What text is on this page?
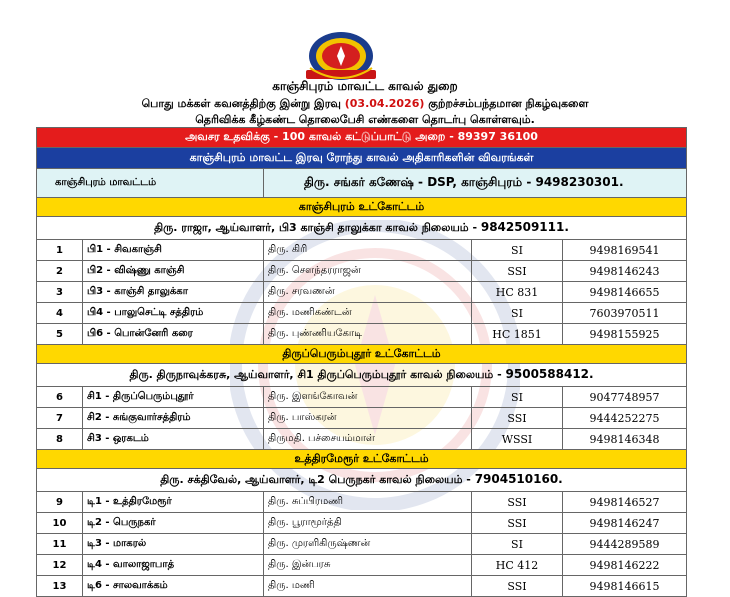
காஞ்சிபுரம் மாவட்ட காவல் துறை
பொது மக்கள் கவனத்திற்கு இன்று இரவு (03.04.2026) குற்றச்சம்பந்தமான நிகழ்வுகளை
தெரிவிக்க கீழ்கண்ட தொலைபேசி எண்களை தொடர்பு கொள்ளவும்.
அவசர உதவிக்கு - 100 காவல் கட்டுப்பாட்டு அறை - 89397 36100				
காஞ்சிபுரம் மாவட்ட இரவு ரோந்து காவல் அதிகாரிகளின் விவரங்கள்				
காஞ்சிபுரம் மாவட்டம்		திரு. சங்கர் கணேஷ் - DSP, காஞ்சிபுரம் - 9498230301.		
காஞ்சிபுரம் உட்கோட்டம்				
திரு. ராஜா, ஆய்வாளர், பி3 காஞ்சி தாலுக்கா காவல் நிலையம் - 9842509111.				
1	பி1 - சிவகாஞ்சி	திரு. கிரி	SI	9498169541
2	பி2 - விஷ்ணு காஞ்சி	திரு. செளந்தரராஜன்	SSI	9498146243
3	பி3 - காஞ்சி தாலுக்கா	திரு. சரவணன்	HC 831	9498146655
4	பி4 - பாலுசெட்டி சத்திரம்	திரு. மணிகண்டன்	SI	7603970511
5	பி6 - பொன்னேரி கரை	திரு. புண்ணியகோடி	HC 1851	9498155925
திருப்பெரும்புதூர் உட்கோட்டம்				
திரு. திருநாவுக்கரசு, ஆய்வாளர், சி1 திருப்பெரும்புதூர் காவல் நிலையம் - 9500588412.				
6	சி1 - திருப்பெரும்புதூர்	திரு. இளங்கோவன்	SI	9047748957
7	சி2 - சுங்குவார்சத்திரம்	திரு. பாஸ்கரன்	SSI	9444252275
8	சி3 - ஒரகடம்	திருமதி. பச்சையம்மாள்	WSSI	9498146348
உத்திரமேரூர் உட்கோட்டம்				
திரு. சக்திவேல், ஆய்வாளர், டி2 பெருநகர் காவல் நிலையம் - 7904510160.				
9	டி1 - உத்திரமேரூர்	திரு. சுப்பிரமணி	SSI	9498146527
10	டி2 - பெருநகர்	திரு. பூராமூர்த்தி	SSI	9498146247
11	டி3 - மாகரல்	திரு. முரளிகிருஷ்ணன்	SI	9444289589
12	டி4 - வாலாஜாபாத்	திரு. இன்பரசு	HC 412	9498146222
13	டி6 - சாலவாக்கம்	திரு. மணி	SSI	9498146615
